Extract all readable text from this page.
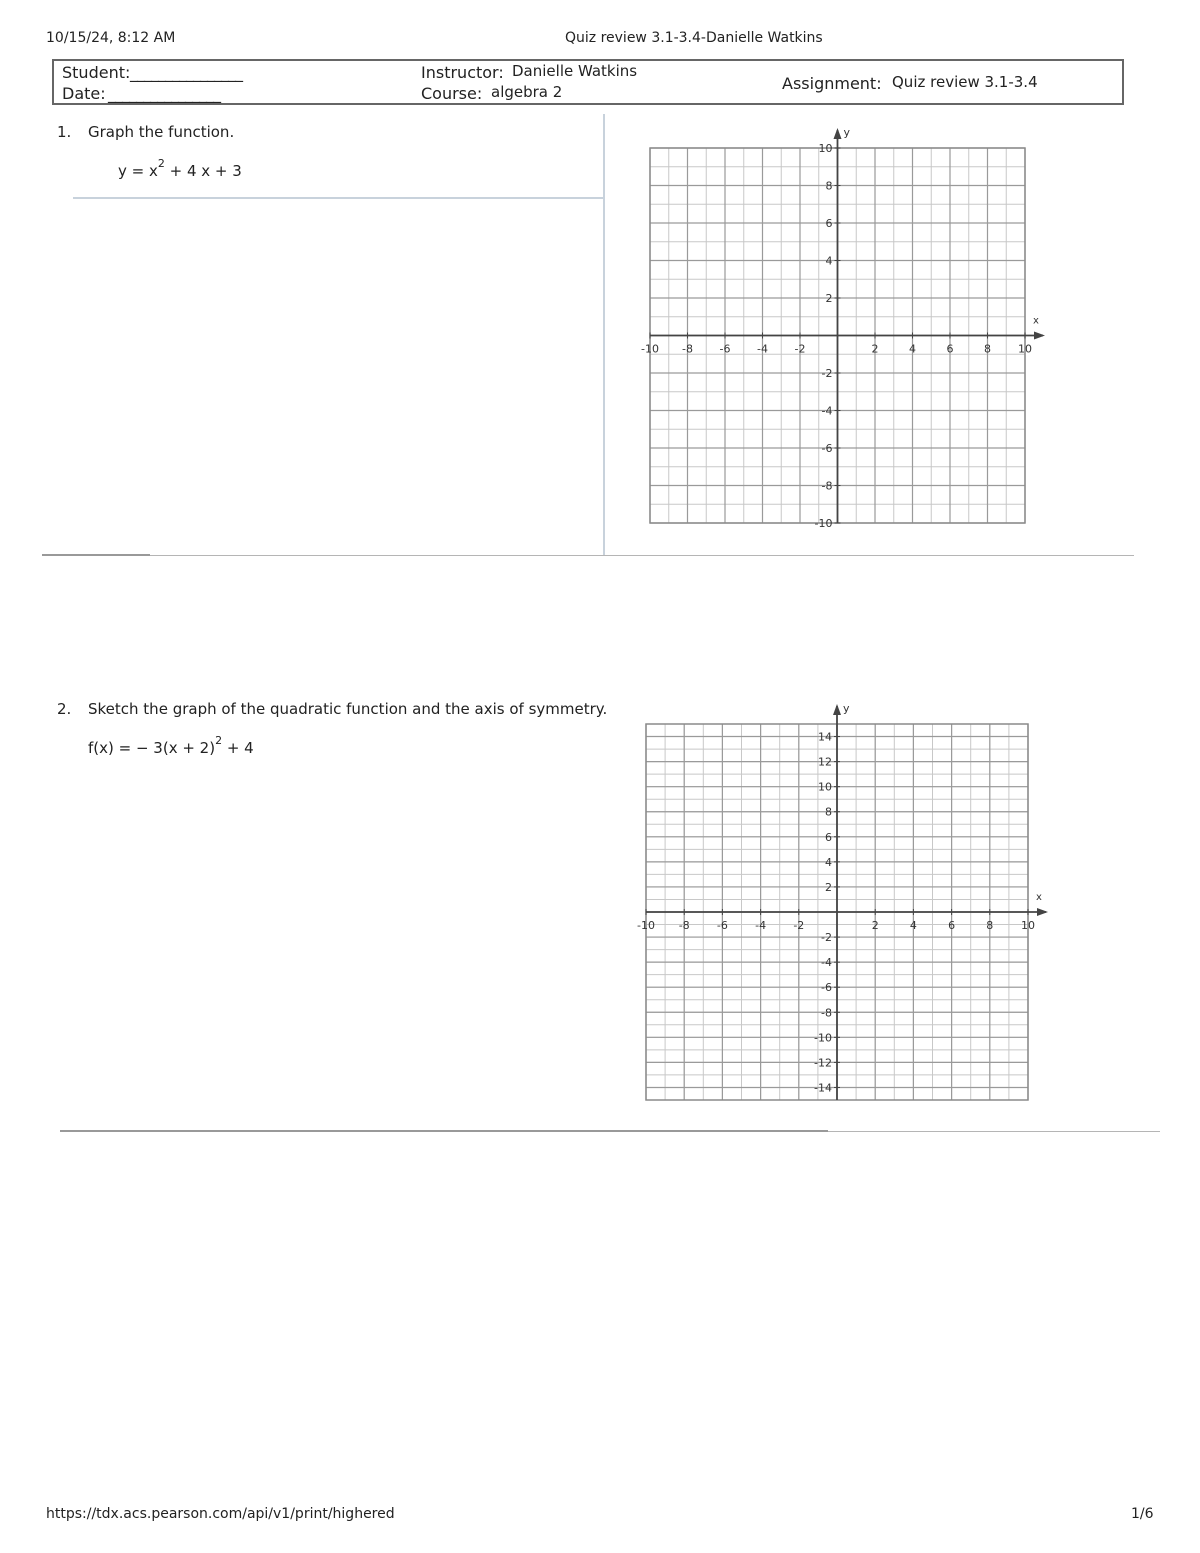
10/15/24, 8:12 AM	Quiz review 3.1-3.4-Danielle Watkins
Student: ________________
Date: ________________
Instructor: Danielle Watkins
Course: algebra 2	Assignment: Quiz review 3.1-3.4
1. Graph the function.
$y = x^2 + 4$ x + 3
x
y
-10 -8 -6 -4 -2	2	4	6	8 10
10
8
6
4
2
-2
-4
-6
-8
-10
2. Sketch the graph of the quadratic function and the axis of symmetry.
f(x) = − $3(x + 2)^2 + 4$
x
y
-10 -8 -6 -4 -2	2	4	6	8	10
14
12
10
8
6
4
2
-2
-4
-6
-8
-10
-12
-14
https://tdx.acs.pearson.com/api/v1/print/highered	1/6
